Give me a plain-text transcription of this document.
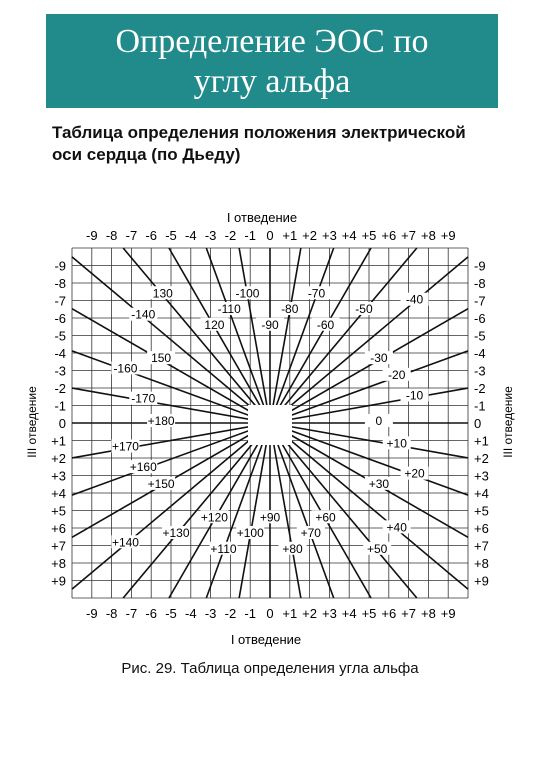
Определение ЭОС по
углу альфа
Таблица определения положения электрической
оси сердца (по Дьеду)
-9
-9
-8
-8
-7
-7
-6
-6
-5
-5
-4
-4
-3
-3
-2
-2
-1
-1
0
0
+1
+1
+2
+2
+3
+3
+4
+4
+5
+5
+6
+6
+7
+7
+8
+8
+9
+9
-9	-9
-8	-8
-7	-7
-6	-6
-5	-5
-4	-4
-3	-3
-2	-2
-1	-1
0	0
+1	+1
+2	+2
+3	+3
+4	+4
+5	+5
+6	+6
+7	+7
+8	+8
+9	+9
-90
-80
-70
-60
-50
-40
-30
-20
-10
0
+10
+20
+30
+40
+50
+60
+70
+80
+90
+100
+110
+120
+130
+140
+150
+160
+170
+180
-170
-160
150
-140
130
120
-110
-100
I отведение
I отведение
III отведение	III отведение
Рис. 29. Таблица определения угла альфа
